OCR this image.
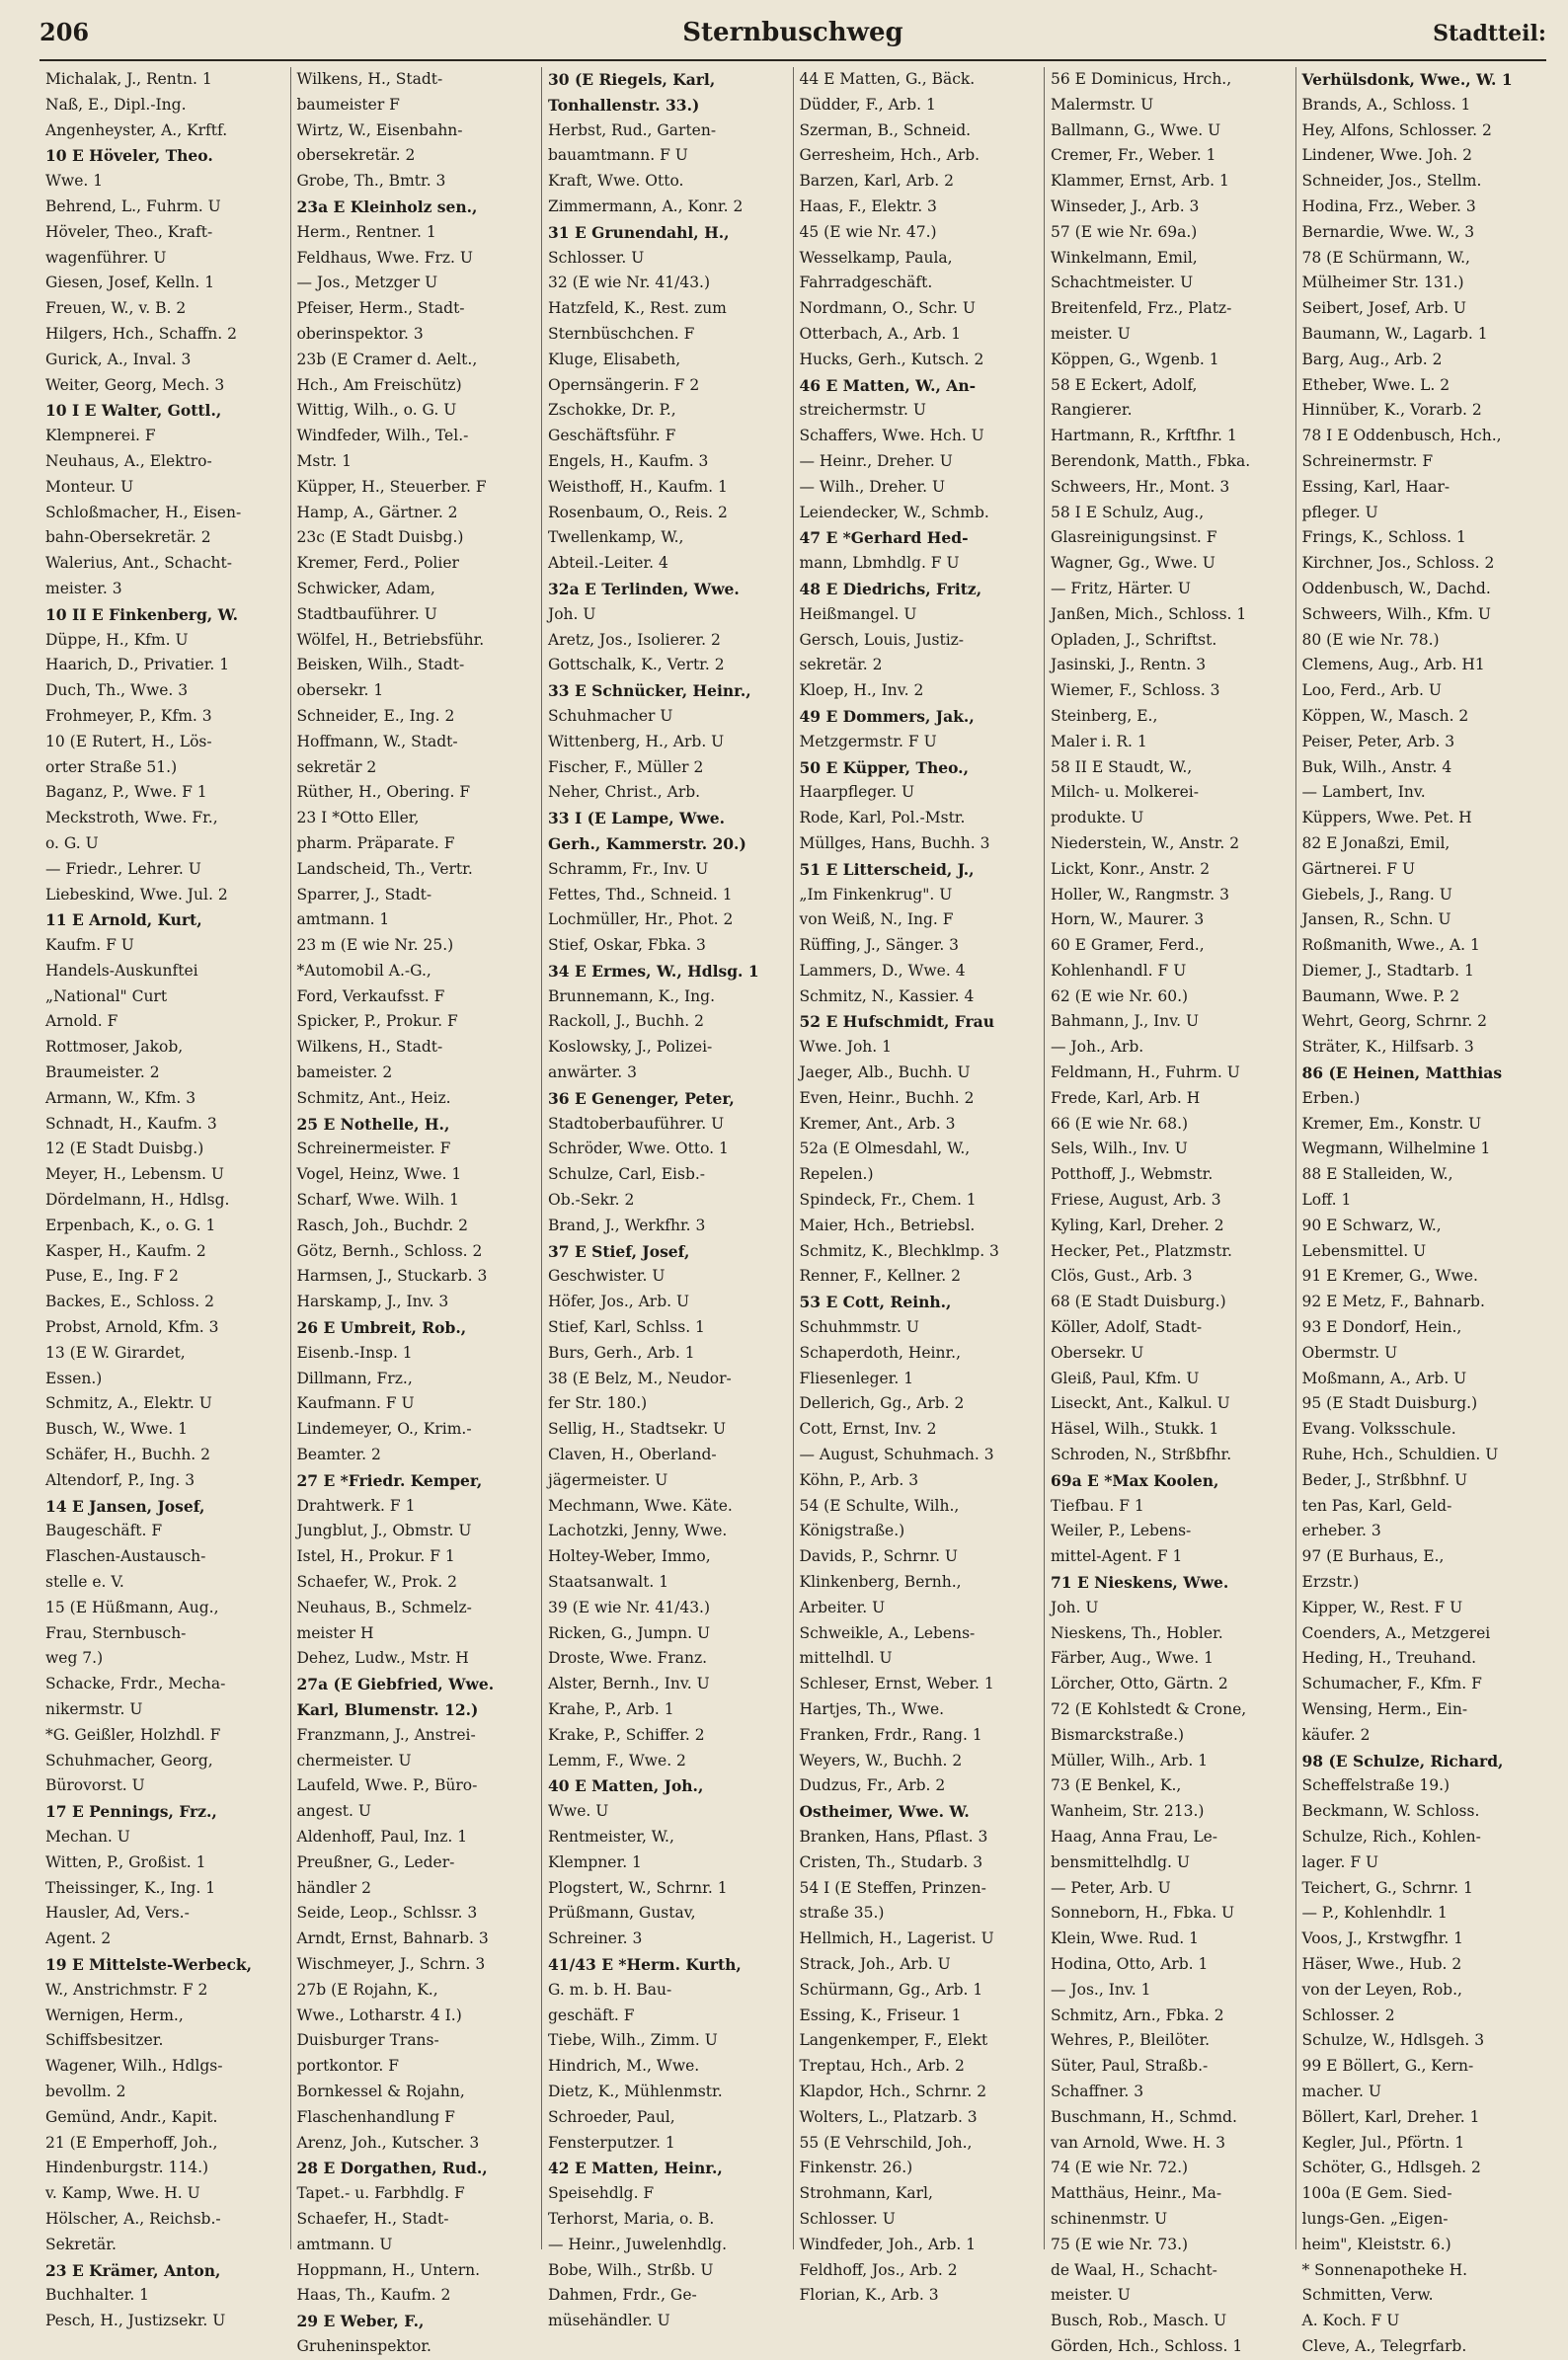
206	Sternbuschweg	Stadtteil:
Michalak, J., Rentn. 1
Naß, E., Dipl.-Ing.
Angenheyster, A., Krftf.
10 E Höveler, Theo.
Wwe. 1
Behrend, L., Fuhrm. U
Höveler, Theo., Kraft-
wagenführer. U
Giesen, Josef, Kelln. 1
Freuen, W., v. B. 2
Hilgers, Hch., Schaffn. 2
Gurick, A., Inval. 3
Weiter, Georg, Mech. 3
10 I E Walter, Gottl.,
Klempnerei. F
Neuhaus, A., Elektro-
Monteur. U
Schloßmacher, H., Eisen-
bahn-Obersekretär. 2
Walerius, Ant., Schacht-
meister. 3
10 II E Finkenberg, W.
Düppe, H., Kfm. U
Haarich, D., Privatier. 1
Duch, Th., Wwe. 3
Frohmeyer, P., Kfm. 3
10 (E Rutert, H., Lös-
orter Straße 51.)
Baganz, P., Wwe. F 1
Meckstroth, Wwe. Fr.,
o. G. U
— Friedr., Lehrer. U
Liebeskind, Wwe. Jul. 2
11 E Arnold, Kurt,
Kaufm. F U
Handels-Auskunftei
„National" Curt
Arnold. F
Rottmoser, Jakob,
Braumeister. 2
Armann, W., Kfm. 3
Schnadt, H., Kaufm. 3
12 (E Stadt Duisbg.)
Meyer, H., Lebensm. U
Dördelmann, H., Hdlsg.
Erpenbach, K., o. G. 1
Kasper, H., Kaufm. 2
Puse, E., Ing. F 2
Backes, E., Schloss. 2
Probst, Arnold, Kfm. 3
13 (E W. Girardet,
Essen.)
Schmitz, A., Elektr. U
Busch, W., Wwe. 1
Schäfer, H., Buchh. 2
Altendorf, P., Ing. 3
14 E Jansen, Josef,
Baugeschäft. F
Flaschen-Austausch-
stelle e. V.
15 (E Hüßmann, Aug.,
Frau, Sternbusch-
weg 7.)
Schacke, Frdr., Mecha-
nikermstr. U
*G. Geißler, Holzhdl. F
Schuhmacher, Georg,
Bürovorst. U
17 E Pennings, Frz.,
Mechan. U
Witten, P., Großist. 1
Theissinger, K., Ing. 1
Hausler, Ad, Vers.-
Agent. 2
19 E Mittelste-Werbeck,
W., Anstrichmstr. F 2
Wernigen, Herm.,
Schiffsbesitzer.
Wagener, Wilh., Hdlgs-
bevollm. 2
Gemünd, Andr., Kapit.
21 (E Emperhoff, Joh.,
Hindenburgstr. 114.)
v. Kamp, Wwe. H. U
Hölscher, A., Reichsb.-
Sekretär.
23 E Krämer, Anton,
Buchhalter. 1
Pesch, H., Justizsekr. U
Wilkens, H., Stadt-
baumeister F
Wirtz, W., Eisenbahn-
obersekretär. 2
Grobe, Th., Bmtr. 3
23a E Kleinholz sen.,
Herm., Rentner. 1
Feldhaus, Wwe. Frz. U
— Jos., Metzger U
Pfeiser, Herm., Stadt-
oberinspektor. 3
23b (E Cramer d. Aelt.,
Hch., Am Freischütz)
Wittig, Wilh., o. G. U
Windfeder, Wilh., Tel.-
Mstr. 1
Küpper, H., Steuerber. F
Hamp, A., Gärtner. 2
23c (E Stadt Duisbg.)
Kremer, Ferd., Polier
Schwicker, Adam,
Stadtbauführer. U
Wölfel, H., Betriebsführ.
Beisken, Wilh., Stadt-
obersekr. 1
Schneider, E., Ing. 2
Hoffmann, W., Stadt-
sekretär 2
Rüther, H., Obering. F
23 I *Otto Eller,
pharm. Präparate. F
Landscheid, Th., Vertr.
Sparrer, J., Stadt-
amtmann. 1
23 m (E wie Nr. 25.)
*Automobil A.-G.,
Ford, Verkaufsst. F
Spicker, P., Prokur. F
Wilkens, H., Stadt-
bameister. 2
Schmitz, Ant., Heiz.
25 E Nothelle, H.,
Schreinermeister. F
Vogel, Heinz, Wwe. 1
Scharf, Wwe. Wilh. 1
Rasch, Joh., Buchdr. 2
Götz, Bernh., Schloss. 2
Harmsen, J., Stuckarb. 3
Harskamp, J., Inv. 3
26 E Umbreit, Rob.,
Eisenb.-Insp. 1
Dillmann, Frz.,
Kaufmann. F U
Lindemeyer, O., Krim.-
Beamter. 2
27 E *Friedr. Kemper,
Drahtwerk. F 1
Jungblut, J., Obmstr. U
Istel, H., Prokur. F 1
Schaefer, W., Prok. 2
Neuhaus, B., Schmelz-
meister H
Dehez, Ludw., Mstr. H
27a (E Giebfried, Wwe.
Karl, Blumenstr. 12.)
Franzmann, J., Anstrei-
chermeister. U
Laufeld, Wwe. P., Büro-
angest. U
Aldenhoff, Paul, Inz. 1
Preußner, G., Leder-
händler 2
Seide, Leop., Schlssr. 3
Arndt, Ernst, Bahnarb. 3
Wischmeyer, J., Schrn. 3
27b (E Rojahn, K.,
Wwe., Lotharstr. 4 I.)
Duisburger Trans-
portkontor. F
Bornkessel & Rojahn,
Flaschenhandlung F
Arenz, Joh., Kutscher. 3
28 E Dorgathen, Rud.,
Tapet.- u. Farbhdlg. F
Schaefer, H., Stadt-
amtmann. U
Hoppmann, H., Untern.
Haas, Th., Kaufm. 2
29 E Weber, F.,
Gruheninspektor.
30 (E Riegels, Karl,
Tonhallenstr. 33.)
Herbst, Rud., Garten-
bauamtmann. F U
Kraft, Wwe. Otto.
Zimmermann, A., Konr. 2
31 E Grunendahl, H.,
Schlosser. U
32 (E wie Nr. 41/43.)
Hatzfeld, K., Rest. zum
Sternbüschchen. F
Kluge, Elisabeth,
Opernsängerin. F 2
Zschokke, Dr. P.,
Geschäftsführ. F
Engels, H., Kaufm. 3
Weisthoff, H., Kaufm. 1
Rosenbaum, O., Reis. 2
Twellenkamp, W.,
Abteil.-Leiter. 4
32a E Terlinden, Wwe.
Joh. U
Aretz, Jos., Isolierer. 2
Gottschalk, K., Vertr. 2
33 E Schnücker, Heinr.,
Schuhmacher U
Wittenberg, H., Arb. U
Fischer, F., Müller 2
Neher, Christ., Arb.
33 I (E Lampe, Wwe.
Gerh., Kammerstr. 20.)
Schramm, Fr., Inv. U
Fettes, Thd., Schneid. 1
Lochmüller, Hr., Phot. 2
Stief, Oskar, Fbka. 3
34 E Ermes, W., Hdlsg. 1
Brunnemann, K., Ing.
Rackoll, J., Buchh. 2
Koslowsky, J., Polizei-
anwärter. 3
36 E Genenger, Peter,
Stadtoberbauführer. U
Schröder, Wwe. Otto. 1
Schulze, Carl, Eisb.-
Ob.-Sekr. 2
Brand, J., Werkfhr. 3
37 E Stief, Josef,
Geschwister. U
Höfer, Jos., Arb. U
Stief, Karl, Schlss. 1
Burs, Gerh., Arb. 1
38 (E Belz, M., Neudor-
fer Str. 180.)
Sellig, H., Stadtsekr. U
Claven, H., Oberland-
jägermeister. U
Mechmann, Wwe. Käte.
Lachotzki, Jenny, Wwe.
Holtey-Weber, Immo,
Staatsanwalt. 1
39 (E wie Nr. 41/43.)
Ricken, G., Jumpn. U
Droste, Wwe. Franz.
Alster, Bernh., Inv. U
Krahe, P., Arb. 1
Krake, P., Schiffer. 2
Lemm, F., Wwe. 2
40 E Matten, Joh.,
Wwe. U
Rentmeister, W.,
Klempner. 1
Plogstert, W., Schrnr. 1
Prüßmann, Gustav,
Schreiner. 3
41/43 E *Herm. Kurth,
G. m. b. H. Bau-
geschäft. F
Tiebe, Wilh., Zimm. U
Hindrich, M., Wwe.
Dietz, K., Mühlenmstr.
Schroeder, Paul,
Fensterputzer. 1
42 E Matten, Heinr.,
Speisehdlg. F
Terhorst, Maria, o. B.
— Heinr., Juwelenhdlg.
Bobe, Wilh., Strßb. U
Dahmen, Frdr., Ge-
müsehändler. U
44 E Matten, G., Bäck.
Düdder, F., Arb. 1
Szerman, B., Schneid.
Gerresheim, Hch., Arb.
Barzen, Karl, Arb. 2
Haas, F., Elektr. 3
45 (E wie Nr. 47.)
Wesselkamp, Paula,
Fahrradgeschäft.
Nordmann, O., Schr. U
Otterbach, A., Arb. 1
Hucks, Gerh., Kutsch. 2
46 E Matten, W., An-
streichermstr. U
Schaffers, Wwe. Hch. U
— Heinr., Dreher. U
— Wilh., Dreher. U
Leiendecker, W., Schmb.
47 E *Gerhard Hed-
mann, Lbmhdlg. F U
48 E Diedrichs, Fritz,
Heißmangel. U
Gersch, Louis, Justiz-
sekretär. 2
Kloep, H., Inv. 2
49 E Dommers, Jak.,
Metzgermstr. F U
50 E Küpper, Theo.,
Haarpfleger. U
Rode, Karl, Pol.-Mstr.
Müllges, Hans, Buchh. 3
51 E Litterscheid, J.,
„Im Finkenkrug". U
von Weiß, N., Ing. F
Rüffing, J., Sänger. 3
Lammers, D., Wwe. 4
Schmitz, N., Kassier. 4
52 E Hufschmidt, Frau
Wwe. Joh. 1
Jaeger, Alb., Buchh. U
Even, Heinr., Buchh. 2
Kremer, Ant., Arb. 3
52a (E Olmesdahl, W.,
Repelen.)
Spindeck, Fr., Chem. 1
Maier, Hch., Betriebsl.
Schmitz, K., Blechklmp. 3
Renner, F., Kellner. 2
53 E Cott, Reinh.,
Schuhmmstr. U
Schaperdoth, Heinr.,
Fliesenleger. 1
Dellerich, Gg., Arb. 2
Cott, Ernst, Inv. 2
— August, Schuhmach. 3
Köhn, P., Arb. 3
54 (E Schulte, Wilh.,
Königstraße.)
Davids, P., Schrnr. U
Klinkenberg, Bernh.,
Arbeiter. U
Schweikle, A., Lebens-
mittelhdl. U
Schleser, Ernst, Weber. 1
Hartjes, Th., Wwe.
Franken, Frdr., Rang. 1
Weyers, W., Buchh. 2
Dudzus, Fr., Arb. 2
Ostheimer, Wwe. W.
Branken, Hans, Pflast. 3
Cristen, Th., Studarb. 3
54 I (E Steffen, Prinzen-
straße 35.)
Hellmich, H., Lagerist. U
Strack, Joh., Arb. U
Schürmann, Gg., Arb. 1
Essing, K., Friseur. 1
Langenkemper, F., Elekt
Treptau, Hch., Arb. 2
Klapdor, Hch., Schrnr. 2
Wolters, L., Platzarb. 3
55 (E Vehrschild, Joh.,
Finkenstr. 26.)
Strohmann, Karl,
Schlosser. U
Windfeder, Joh., Arb. 1
Feldhoff, Jos., Arb. 2
Florian, K., Arb. 3
56 E Dominicus, Hrch.,
Malermstr. U
Ballmann, G., Wwe. U
Cremer, Fr., Weber. 1
Klammer, Ernst, Arb. 1
Winseder, J., Arb. 3
57 (E wie Nr. 69a.)
Winkelmann, Emil,
Schachtmeister. U
Breitenfeld, Frz., Platz-
meister. U
Köppen, G., Wgenb. 1
58 E Eckert, Adolf,
Rangierer.
Hartmann, R., Krftfhr. 1
Berendonk, Matth., Fbka.
Schweers, Hr., Mont. 3
58 I E Schulz, Aug.,
Glasreinigungsinst. F
Wagner, Gg., Wwe. U
— Fritz, Härter. U
Janßen, Mich., Schloss. 1
Opladen, J., Schriftst.
Jasinski, J., Rentn. 3
Wiemer, F., Schloss. 3
Steinberg, E.,
Maler i. R. 1
58 II E Staudt, W.,
Milch- u. Molkerei-
produkte. U
Niederstein, W., Anstr. 2
Lickt, Konr., Anstr. 2
Holler, W., Rangmstr. 3
Horn, W., Maurer. 3
60 E Gramer, Ferd.,
Kohlenhandl. F U
62 (E wie Nr. 60.)
Bahmann, J., Inv. U
— Joh., Arb.
Feldmann, H., Fuhrm. U
Frede, Karl, Arb. H
66 (E wie Nr. 68.)
Sels, Wilh., Inv. U
Potthoff, J., Webmstr.
Friese, August, Arb. 3
Kyling, Karl, Dreher. 2
Hecker, Pet., Platzmstr.
Clös, Gust., Arb. 3
68 (E Stadt Duisburg.)
Köller, Adolf, Stadt-
Obersekr. U
Gleiß, Paul, Kfm. U
Liseckt, Ant., Kalkul. U
Häsel, Wilh., Stukk. 1
Schroden, N., Strßbfhr.
69a E *Max Koolen,
Tiefbau. F 1
Weiler, P., Lebens-
mittel-Agent. F 1
71 E Nieskens, Wwe.
Joh. U
Nieskens, Th., Hobler.
Färber, Aug., Wwe. 1
Lörcher, Otto, Gärtn. 2
72 (E Kohlstedt & Crone,
Bismarckstraße.)
Müller, Wilh., Arb. 1
73 (E Benkel, K.,
Wanheim, Str. 213.)
Haag, Anna Frau, Le-
bensmittelhdlg. U
— Peter, Arb. U
Sonneborn, H., Fbka. U
Klein, Wwe. Rud. 1
Hodina, Otto, Arb. 1
— Jos., Inv. 1
Schmitz, Arn., Fbka. 2
Wehres, P., Bleilöter.
Süter, Paul, Straßb.-
Schaffner. 3
Buschmann, H., Schmd.
van Arnold, Wwe. H. 3
74 (E wie Nr. 72.)
Matthäus, Heinr., Ma-
schinenmstr. U
75 (E wie Nr. 73.)
de Waal, H., Schacht-
meister. U
Busch, Rob., Masch. U
Görden, Hch., Schloss. 1
Verhülsdonk, Wwe., W. 1
Brands, A., Schloss. 1
Hey, Alfons, Schlosser. 2
Lindener, Wwe. Joh. 2
Schneider, Jos., Stellm.
Hodina, Frz., Weber. 3
Bernardie, Wwe. W., 3
78 (E Schürmann, W.,
Mülheimer Str. 131.)
Seibert, Josef, Arb. U
Baumann, W., Lagarb. 1
Barg, Aug., Arb. 2
Etheber, Wwe. L. 2
Hinnüber, K., Vorarb. 2
78 I E Oddenbusch, Hch.,
Schreinermstr. F
Essing, Karl, Haar-
pfleger. U
Frings, K., Schloss. 1
Kirchner, Jos., Schloss. 2
Oddenbusch, W., Dachd.
Schweers, Wilh., Kfm. U
80 (E wie Nr. 78.)
Clemens, Aug., Arb. H1
Loo, Ferd., Arb. U
Köppen, W., Masch. 2
Peiser, Peter, Arb. 3
Buk, Wilh., Anstr. 4
— Lambert, Inv.
Küppers, Wwe. Pet. H
82 E Jonaßzi, Emil,
Gärtnerei. F U
Giebels, J., Rang. U
Jansen, R., Schn. U
Roßmanith, Wwe., A. 1
Diemer, J., Stadtarb. 1
Baumann, Wwe. P. 2
Wehrt, Georg, Schrnr. 2
Sträter, K., Hilfsarb. 3
86 (E Heinen, Matthias
Erben.)
Kremer, Em., Konstr. U
Wegmann, Wilhelmine 1
88 E Stalleiden, W.,
Loff. 1
90 E Schwarz, W.,
Lebensmittel. U
91 E Kremer, G., Wwe.
92 E Metz, F., Bahnarb.
93 E Dondorf, Hein.,
Obermstr. U
Moßmann, A., Arb. U
95 (E Stadt Duisburg.)
Evang. Volksschule.
Ruhe, Hch., Schuldien. U
Beder, J., Strßbhnf. U
ten Pas, Karl, Geld-
erheber. 3
97 (E Burhaus, E.,
Erzstr.)
Kipper, W., Rest. F U
Coenders, A., Metzgerei
Heding, H., Treuhand.
Schumacher, F., Kfm. F
Wensing, Herm., Ein-
käufer. 2
98 (E Schulze, Richard,
Scheffelstraße 19.)
Beckmann, W. Schloss.
Schulze, Rich., Kohlen-
lager. F U
Teichert, G., Schrnr. 1
— P., Kohlenhdlr. 1
Voos, J., Krstwgfhr. 1
Häser, Wwe., Hub. 2
von der Leyen, Rob.,
Schlosser. 2
Schulze, W., Hdlsgeh. 3
99 E Böllert, G., Kern-
macher. U
Böllert, Karl, Dreher. 1
Kegler, Jul., Pförtn. 1
Schöter, G., Hdlsgeh. 2
100a (E Gem. Sied-
lungs-Gen. „Eigen-
heim", Kleiststr. 6.)
* Sonnenapotheke H.
Schmitten, Verw.
A. Koch. F U
Cleve, A., Telegrfarb.
